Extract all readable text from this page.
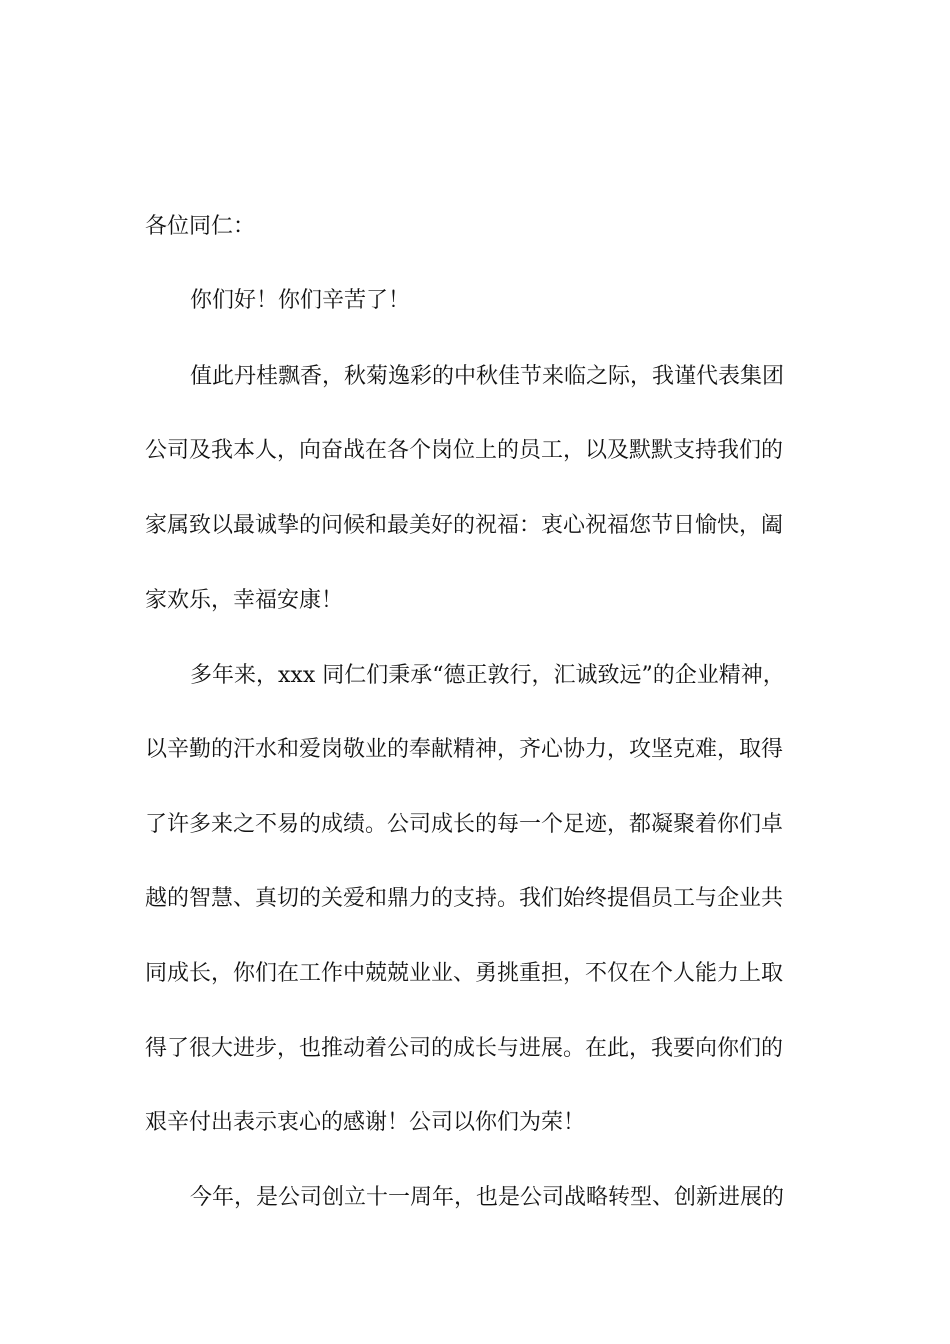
各位同仁：
你们好！你们辛苦了！
值此丹桂飘香，秋菊逸彩的中秋佳节来临之际，我谨代表集团
公司及我本人，向奋战在各个岗位上的员工，以及默默支持我们的
家属致以最诚挚的问候和最美好的祝福：衷心祝福您节日愉快，阖
家欢乐，幸福安康！
多年来，xxx 同仁们秉承“德正敦行，汇诚致远”的企业精神，
以辛勤的汗水和爱岗敬业的奉献精神，齐心协力，攻坚克难，取得
了许多来之不易的成绩。公司成长的每一个足迹，都凝聚着你们卓
越的智慧、真切的关爱和鼎力的支持。我们始终提倡员工与企业共
同成长，你们在工作中兢兢业业、勇挑重担，不仅在个人能力上取
得了很大进步，也推动着公司的成长与进展。在此，我要向你们的
艰辛付出表示衷心的感谢！公司以你们为荣！
今年，是公司创立十一周年，也是公司战略转型、创新进展的
